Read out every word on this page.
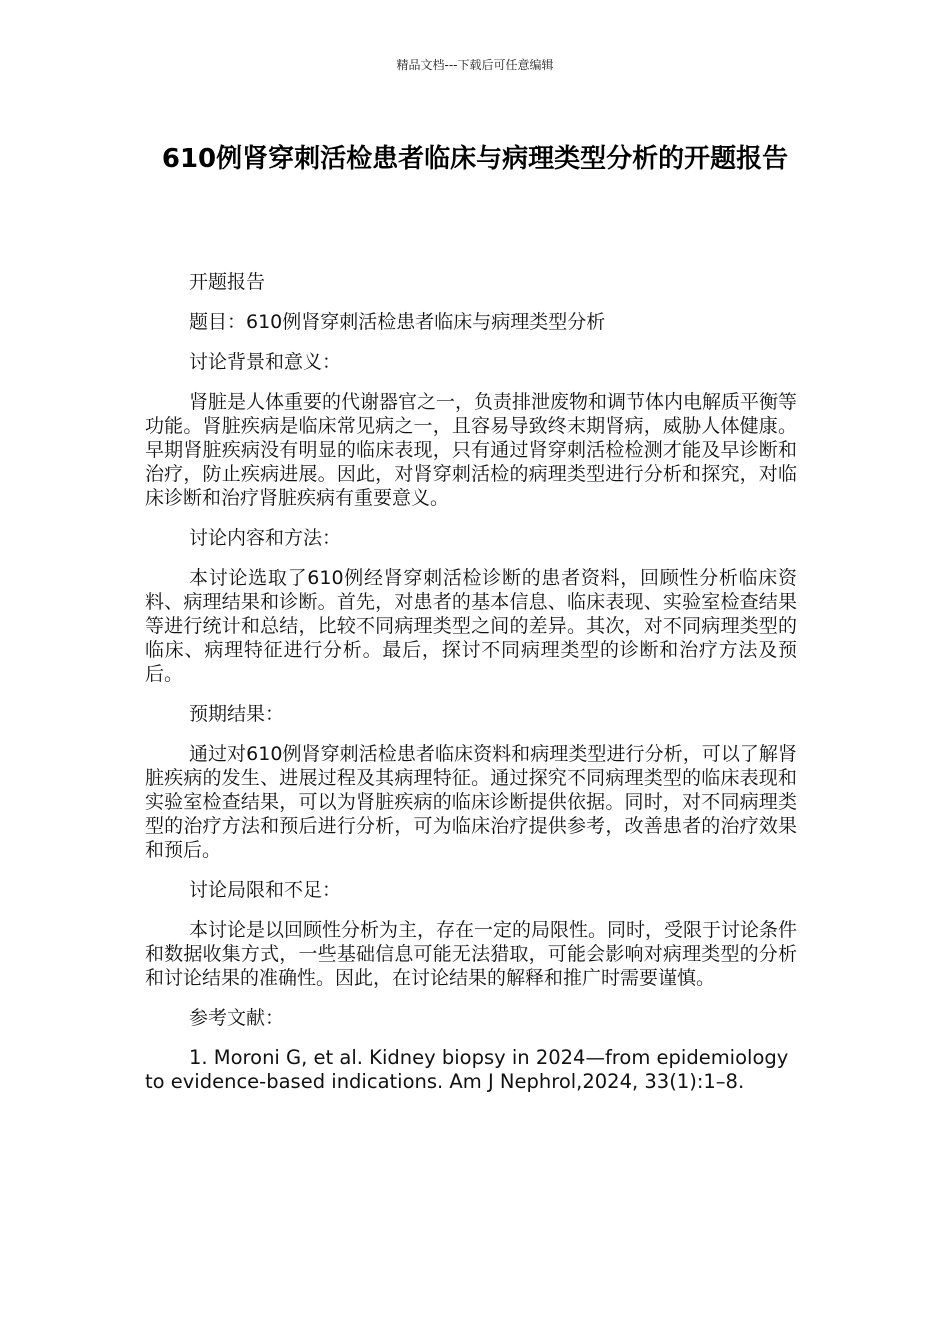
精品文档---下载后可任意编辑
610例肾穿刺活检患者临床与病理类型分析的开题报告
开题报告
题目：610例肾穿刺活检患者临床与病理类型分析
讨论背景和意义：
肾脏是人体重要的代谢器官之一，负责排泄废物和调节体内电解质平衡等功能。肾脏疾病是临床常见病之一，且容易导致终末期肾病，威胁人体健康。早期肾脏疾病没有明显的临床表现，只有通过肾穿刺活检检测才能及早诊断和治疗，防止疾病进展。因此，对肾穿刺活检的病理类型进行分析和探究，对临床诊断和治疗肾脏疾病有重要意义。
讨论内容和方法：
本讨论选取了610例经肾穿刺活检诊断的患者资料，回顾性分析临床资料、病理结果和诊断。首先，对患者的基本信息、临床表现、实验室检查结果等进行统计和总结，比较不同病理类型之间的差异。其次，对不同病理类型的临床、病理特征进行分析。最后，探讨不同病理类型的诊断和治疗方法及预后。
预期结果：
通过对610例肾穿刺活检患者临床资料和病理类型进行分析，可以了解肾脏疾病的发生、进展过程及其病理特征。通过探究不同病理类型的临床表现和实验室检查结果，可以为肾脏疾病的临床诊断提供依据。同时，对不同病理类型的治疗方法和预后进行分析，可为临床治疗提供参考，改善患者的治疗效果和预后。
讨论局限和不足：
本讨论是以回顾性分析为主，存在一定的局限性。同时，受限于讨论条件和数据收集方式，一些基础信息可能无法猎取，可能会影响对病理类型的分析和讨论结果的准确性。因此，在讨论结果的解释和推广时需要谨慎。
参考文献：
1. Moroni G, et al. Kidney biopsy in 2024—from epidemiology to evidence-based indications. Am J Nephrol,2024, 33(1):1–8.
